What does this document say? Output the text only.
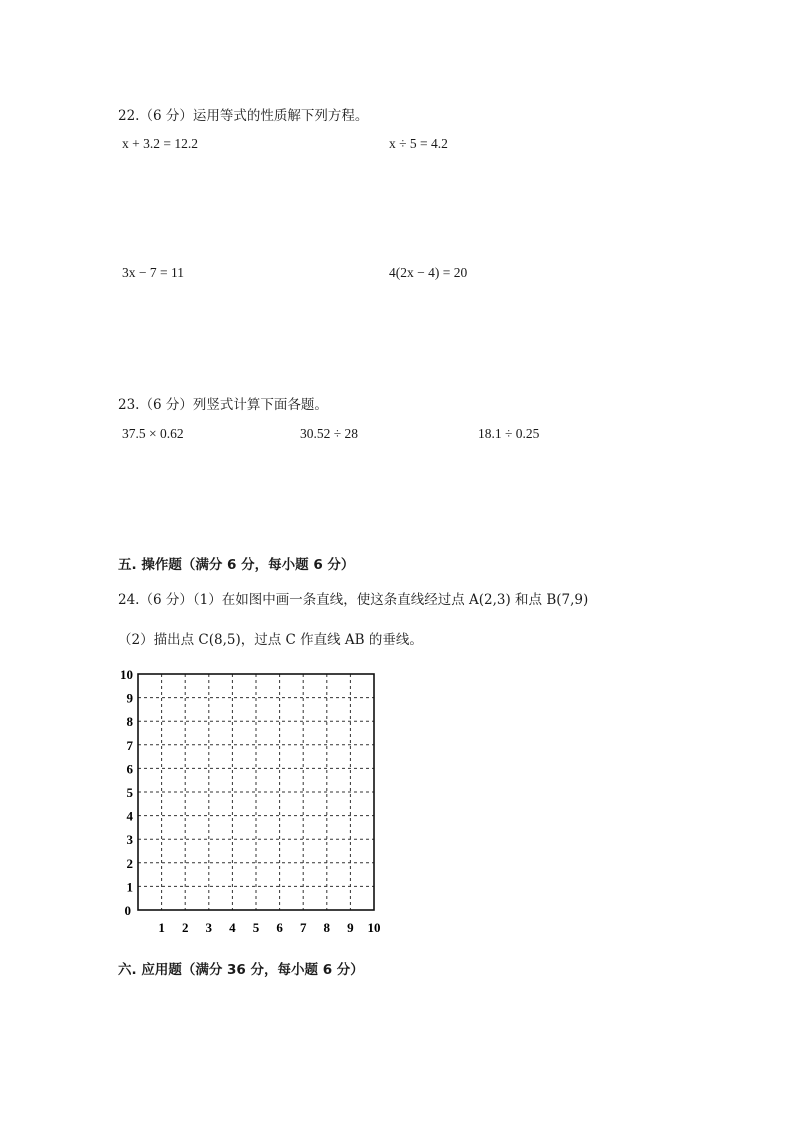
22.（6 分）运用等式的性质解下列方程。
x + 3.2 = 12.2	x ÷ 5 = 4.2
3x − 7 = 11	4(2x − 4) = 20
23.（6 分）列竖式计算下面各题。
37.5 × 0.62	30.52 ÷ 28	18.1 ÷ 0.25
五. 操作题（满分 6 分，每小题 6 分）
24.（6 分）（1）在如图中画一条直线，使这条直线经过点 A(2,3) 和点 B(7,9)
（2）描出点 C(8,5)，过点 C 作直线 AB 的垂线。
10
9
8
7
6
5
4
3
2
1
1 2 3 4 5 6 7 8 9 10
0
六. 应用题（满分 36 分，每小题 6 分）
